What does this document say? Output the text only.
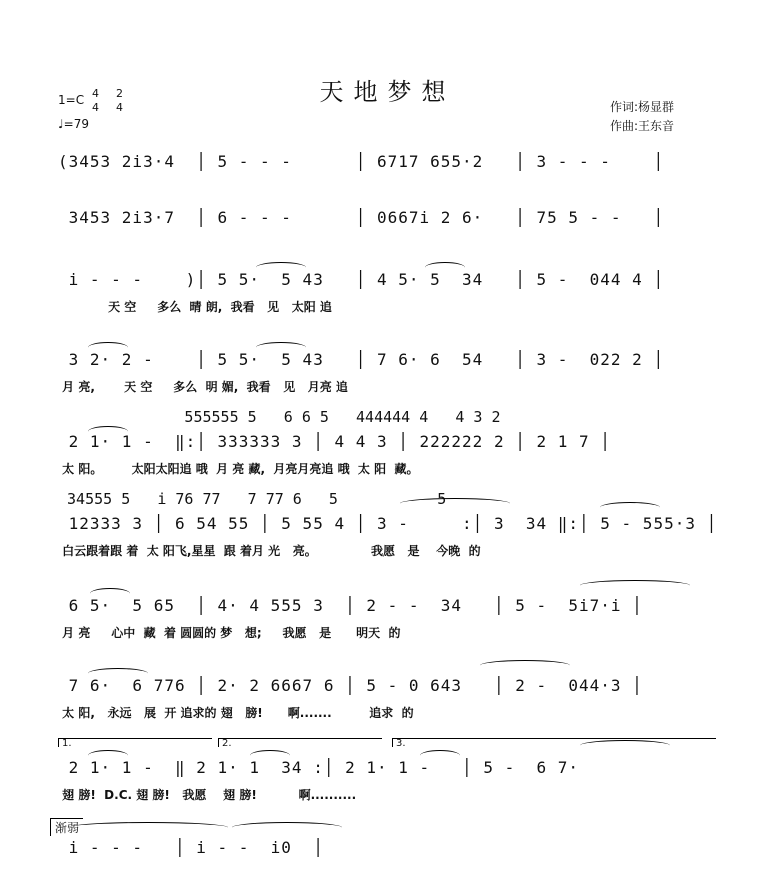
天地梦想
1=C 4
4
2
4
♩=79
作词:杨显群
作曲:王东音
(3453 2i3·4  │ 5 - - -      │ 6717 655·2   │ 3 - - -    │
3453 2i3·7  │ 6 - - -      │ 0667i 2 6·   │ 75 5 - -   │
i - - -    )│ 5 5·  5 43   │ 4 5· 5  34   │ 5 -  044 4 │
天 空     多么  晴 朗,  我看   见   太阳 追
3 2· 2 -    │ 5 5·  5 43   │ 7 6· 6  54   │ 3 -  022 2 │
月 亮,       天 空     多么  明 媚,  我看   见   月亮 追
555555 5   6 6 5   444444 4   4 3 2
2 1· 1 -  ‖:│ 333333 3 │ 4 4 3 │ 222222 2 │ 2 1 7 │
太 阳。       太阳太阳追 哦  月 亮 藏,  月亮月亮追 哦  太 阳  藏。
34555 5   i 76 77   7 77 6   5           5
12333 3 │ 6 54 55 │ 5 55 4 │ 3 -     :│ 3  34 ‖:│ 5 - 555·3 │
白云跟着跟 着  太 阳飞,星星  跟 着月 光   亮。             我愿   是    今晚  的
6 5·  5 65  │ 4· 4 555 3  │ 2 - -  34   │ 5 -  5i7·i │
月 亮     心中  藏  着 圆圆的 梦   想;     我愿   是      明天  的
7 6·  6 776 │ 2· 2 6667 6 │ 5 - 0 643   │ 2 -  044·3 │
太 阳,   永远   展  开 追求的 翅   膀!      啊.......         追求  的
1.	2.	3.
2 1· 1 -  ‖ 2 1· 1  34 :│ 2 1· 1 -   │ 5 -  6 7·
翅 膀!  D.C. 翅 膀!   我愿    翅 膀!          啊..........
渐弱
i - - -   │ i - -  i0  │
